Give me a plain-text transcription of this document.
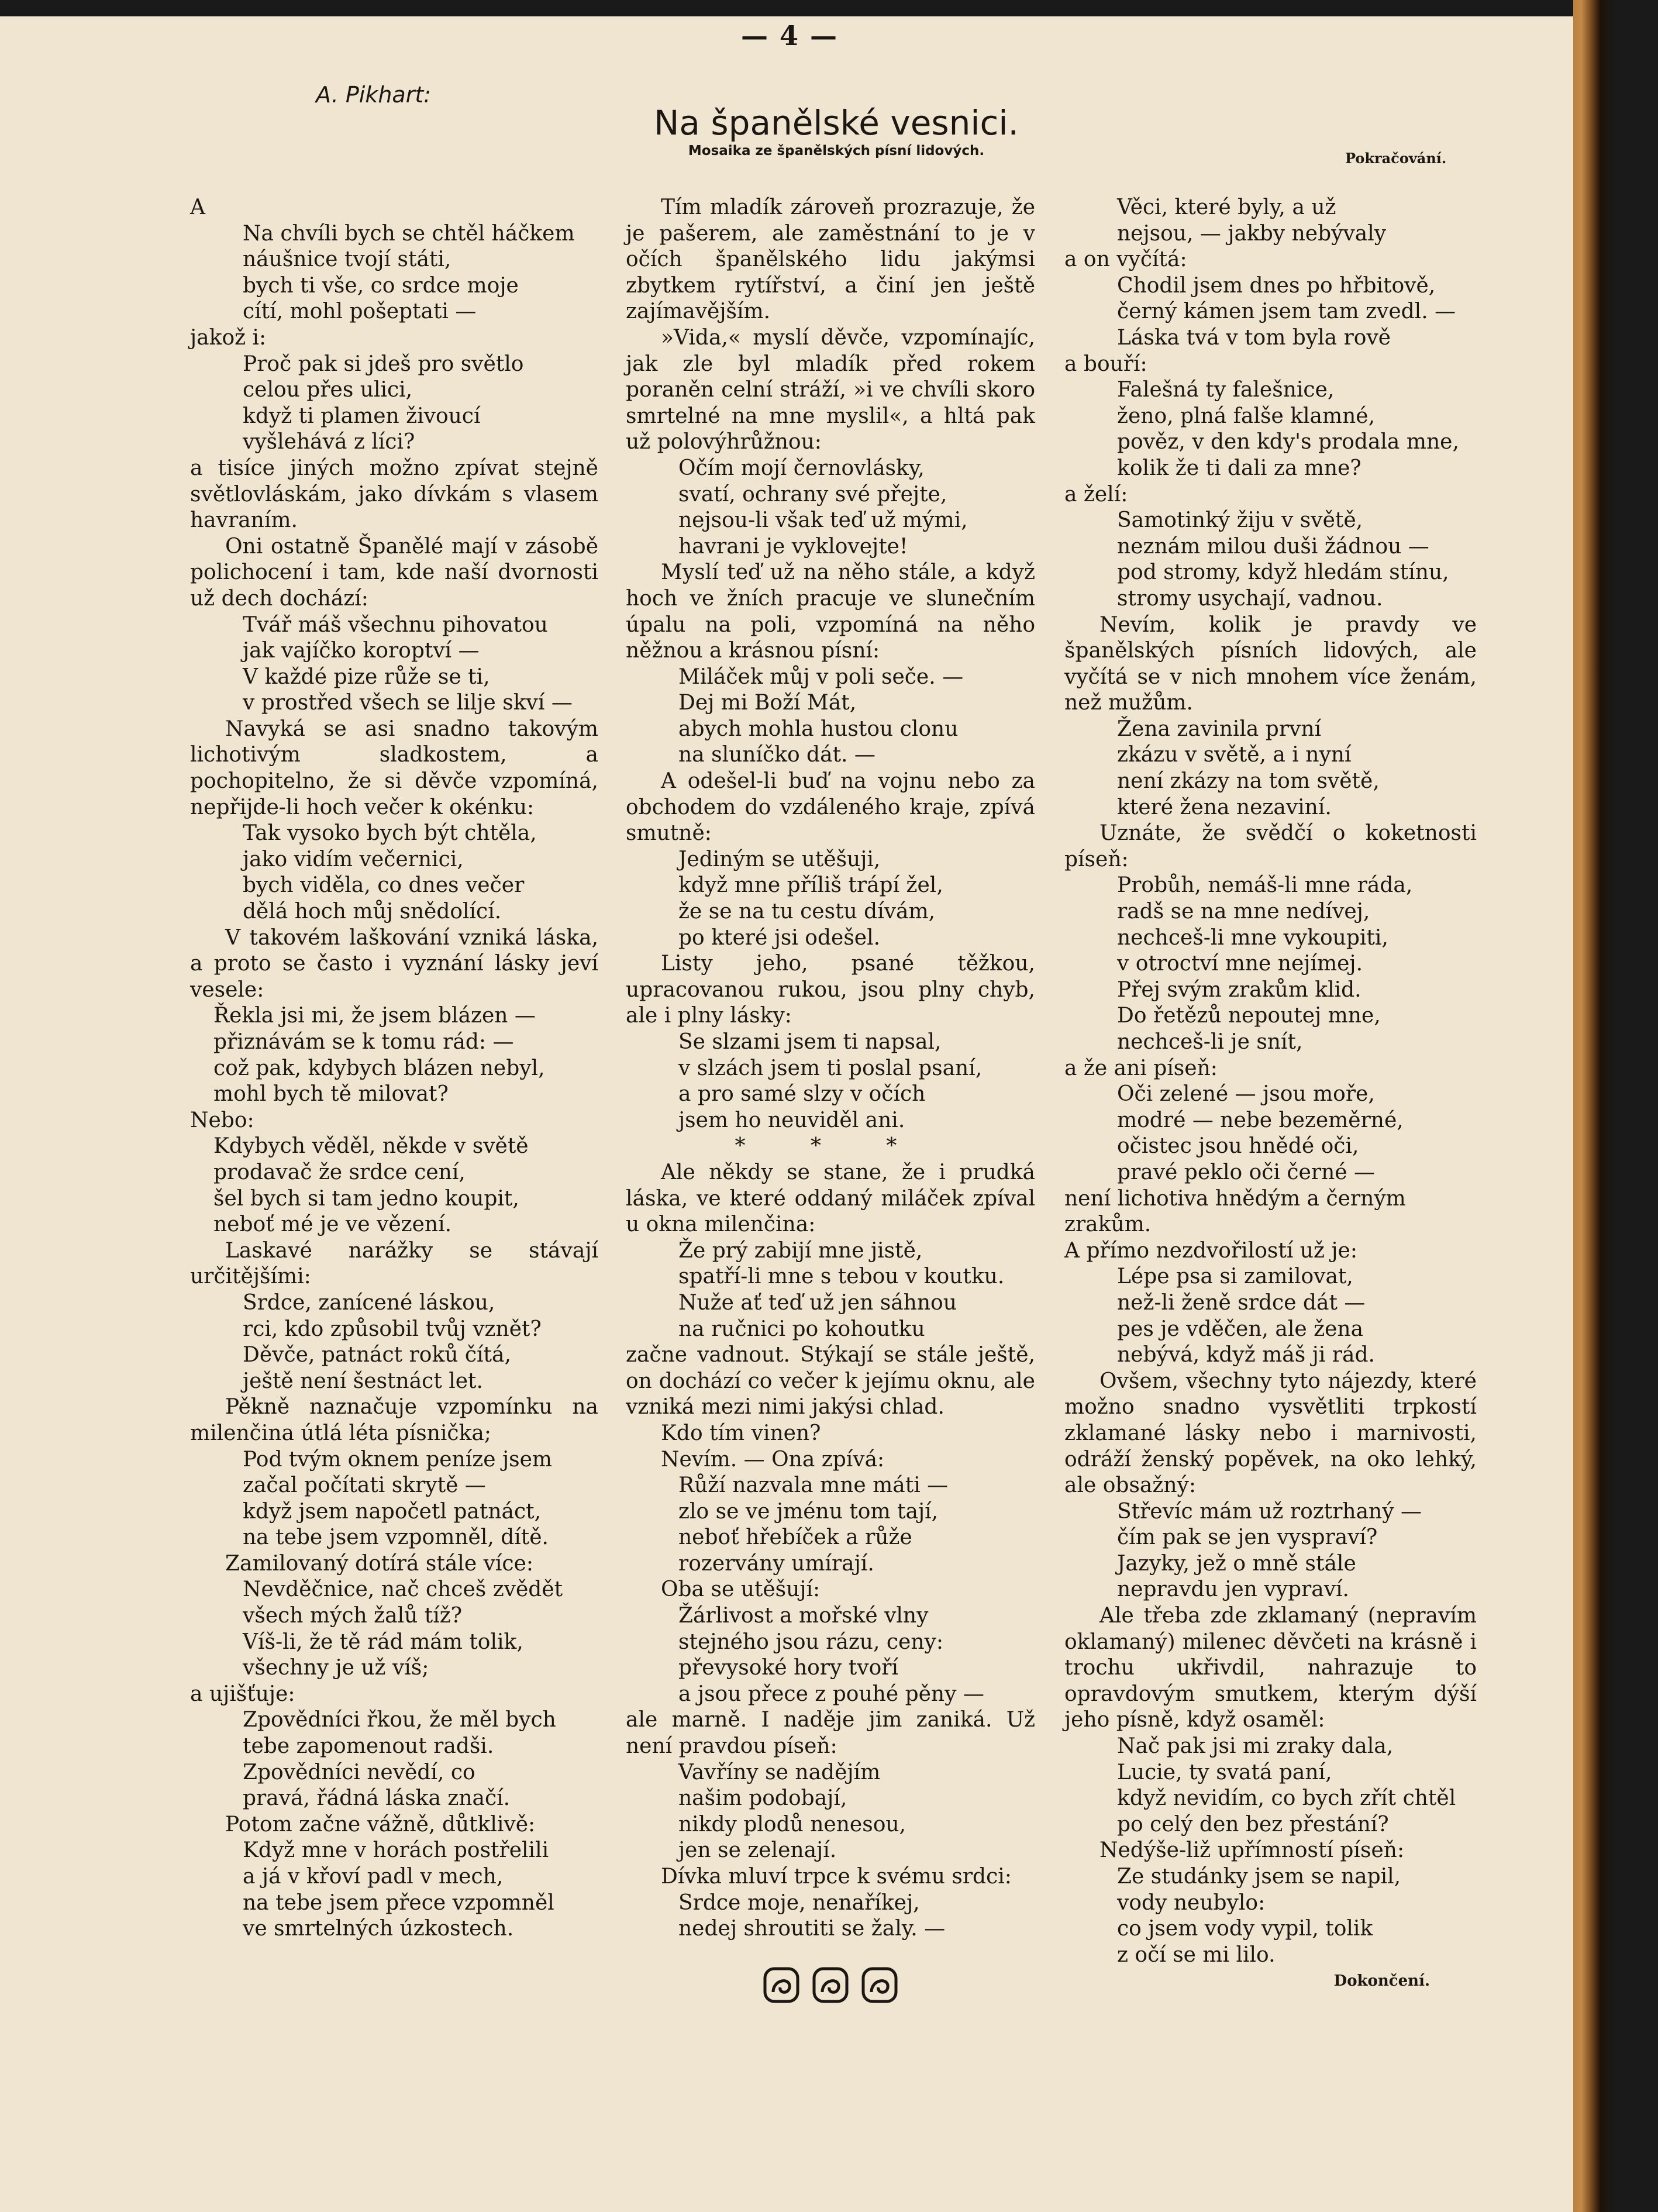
— 4 —
A. Pikhart:
Na španělské vesnici.
Mosaika ze španělských písní lidových.	Pokračování.

A

Na chvíli bych se chtěl háčkem

náušnice tvojí státi,

bych ti vše, co srdce moje

cítí, mohl pošeptati —

jakož i:

Proč pak si jdeš pro světlo

celou přes ulici,

když ti plamen živoucí

vyšlehává z líci?

a tisíce jiných možno zpívat stejně světlovláskám, jako dívkám s vlasem havraním.

Oni ostatně Španělé mají v zásobě polichocení i tam, kde naší dvornosti už dech dochází:

Tvář máš všechnu pihovatou

jak vajíčko koroptví —

V každé pize růže se ti,

v prostřed všech se lilje skví —

Navyká se asi snadno takovým lichotivým sladkostem, a pochopitelno, že si děvče vzpomíná, nepřijde-li hoch večer k okénku:

Tak vysoko bych být chtěla,

jako vidím večernici,

bych viděla, co dnes večer

dělá hoch můj snědolící.

V takovém laškování vzniká láska, a proto se často i vyznání lásky jeví vesele:

Řekla jsi mi, že jsem blázen —

přiznávám se k tomu rád: —

což pak, kdybych blázen nebyl,

mohl bych tě milovat?

Nebo:

Kdybych věděl, někde v světě

prodavač že srdce cení,

šel bych si tam jedno koupit,

neboť mé je ve vězení.

Laskavé narážky se stávají určitějšími:

Srdce, zanícené láskou,

rci, kdo způsobil tvůj vznět?

Děvče, patnáct roků čítá,

ještě není šestnáct let.

Pěkně naznačuje vzpomínku na milenčina útlá léta písnička;

Pod tvým oknem peníze jsem

začal počítati skrytě —

když jsem napočetl patnáct,

na tebe jsem vzpomněl, dítě.

Zamilovaný dotírá stále více:

Nevděčnice, nač chceš zvědět

všech mých žalů tíž?

Víš-li, že tě rád mám tolik,

všechny je už víš;

a ujišťuje:

Zpovědníci řkou, že měl bych

tebe zapomenout radši.

Zpovědníci nevědí, co

pravá, řádná láska značí.

Potom začne vážně, důtklivě:

Když mne v horách postřelili

a já v křoví padl v mech,

na tebe jsem přece vzpomněl

ve smrtelných úzkostech.

Tím mladík zároveň prozrazuje, že je pašerem, ale zaměstnání to je v očích španělského lidu jakýmsi zbytkem rytířství, a činí jen ještě zajímavějším.

»Vida,« myslí děvče, vzpomínajíc, jak zle byl mladík před rokem poraněn celní stráží, »i ve chvíli skoro smrtelné na mne myslil«, a hltá pak už polovýhrůžnou:

Očím mojí černovlásky,

svatí, ochrany své přejte,

nejsou-li však teď už mými,

havrani je vyklovejte!

Myslí teď už na něho stále, a když hoch ve žních pracuje ve slunečním úpalu na poli, vzpomíná na něho něžnou a krásnou písní:

Miláček můj v poli seče. —

Dej mi Boží Mát,

abych mohla hustou clonu

na sluníčko dát. —

A odešel-li buď na vojnu nebo za obchodem do vzdáleného kraje, zpívá smutně:

Jediným se utěšuji,

když mne příliš trápí žel,

že se na tu cestu dívám,

po které jsi odešel.

Listy jeho, psané těžkou, upracovanou rukou, jsou plny chyb, ale i plny lásky:

Se slzami jsem ti napsal,

v slzách jsem ti poslal psaní,

a pro samé slzy v očích

jsem ho neuviděl ani.

* * *

Ale někdy se stane, že i prudká láska, ve které oddaný miláček zpíval u okna milenčina:

Že prý zabijí mne jistě,

spatří-li mne s tebou v koutku.

Nuže ať teď už jen sáhnou

na ručnici po kohoutku

začne vadnout. Stýkají se stále ještě, on dochází co večer k jejímu oknu, ale vzniká mezi nimi jakýsi chlad.

Kdo tím vinen?

Nevím. — Ona zpívá:

Růží nazvala mne máti —

zlo se ve jménu tom tají,

neboť hřebíček a růže

rozervány umírají.

Oba se utěšují:

Žárlivost a mořské vlny

stejného jsou rázu, ceny:

převysoké hory tvoří

a jsou přece z pouhé pěny —

ale marně. I naděje jim zaniká. Už není pravdou píseň:

Vavříny se nadějím

našim podobají,

nikdy plodů nenesou,

jen se zelenají.

Dívka mluví trpce k svému srdci:

Srdce moje, nenaříkej,

nedej shroutiti se žaly. —

Věci, které byly, a už

nejsou, — jakby nebývaly

a on vyčítá:

Chodil jsem dnes po hřbitově,

černý kámen jsem tam zvedl. —

Láska tvá v tom byla rově

a bouří:

Falešná ty falešnice,

ženo, plná falše klamné,

pověz, v den kdy's prodala mne,

kolik že ti dali za mne?

a želí:

Samotinký žiju v světě,

neznám milou duši žádnou —

pod stromy, když hledám stínu,

stromy usychají, vadnou.

Nevím, kolik je pravdy ve španělských písních lidových, ale vyčítá se v nich mnohem více ženám, než mužům.

Žena zavinila první

zkázu v světě, a i nyní

není zkázy na tom světě,

které žena nezaviní.

Uznáte, že svědčí o koketnosti píseň:

Probůh, nemáš-li mne ráda,

radš se na mne nedívej,

nechceš-li mne vykoupiti,

v otroctví mne nejímej.

Přej svým zrakům klid.

Do řetězů nepoutej mne,

nechceš-li je snít,

a že ani píseň:

Oči zelené — jsou moře,

modré — nebe bezeměrné,

očistec jsou hnědé oči,

pravé peklo oči černé —

není lichotiva hnědým a černým zrakům.

A přímo nezdvořilostí už je:

Lépe psa si zamilovat,

než-li ženě srdce dát —

pes je vděčen, ale žena

nebývá, když máš ji rád.

Ovšem, všechny tyto nájezdy, které možno snadno vysvětliti trpkostí zklamané lásky nebo i marnivosti, odráží ženský popěvek, na oko lehký, ale obsažný:

Střevíc mám už roztrhaný —

čím pak se jen vyspraví?

Jazyky, jež o mně stále

nepravdu jen vypraví.

Ale třeba zde zklamaný (nepravím oklamaný) milenec děvčeti na krásně i trochu ukřivdil, nahrazuje to opravdovým smutkem, kterým dýší jeho písně, když osaměl:

Nač pak jsi mi zraky dala,

Lucie, ty svatá paní,

když nevidím, co bych zřít chtěl

po celý den bez přestání?

Nedýše-liž upřímností píseň:

Ze studánky jsem se napil,

vody neubylo:

co jsem vody vypil, tolik

z očí se mi lilo.

Dokončení.
